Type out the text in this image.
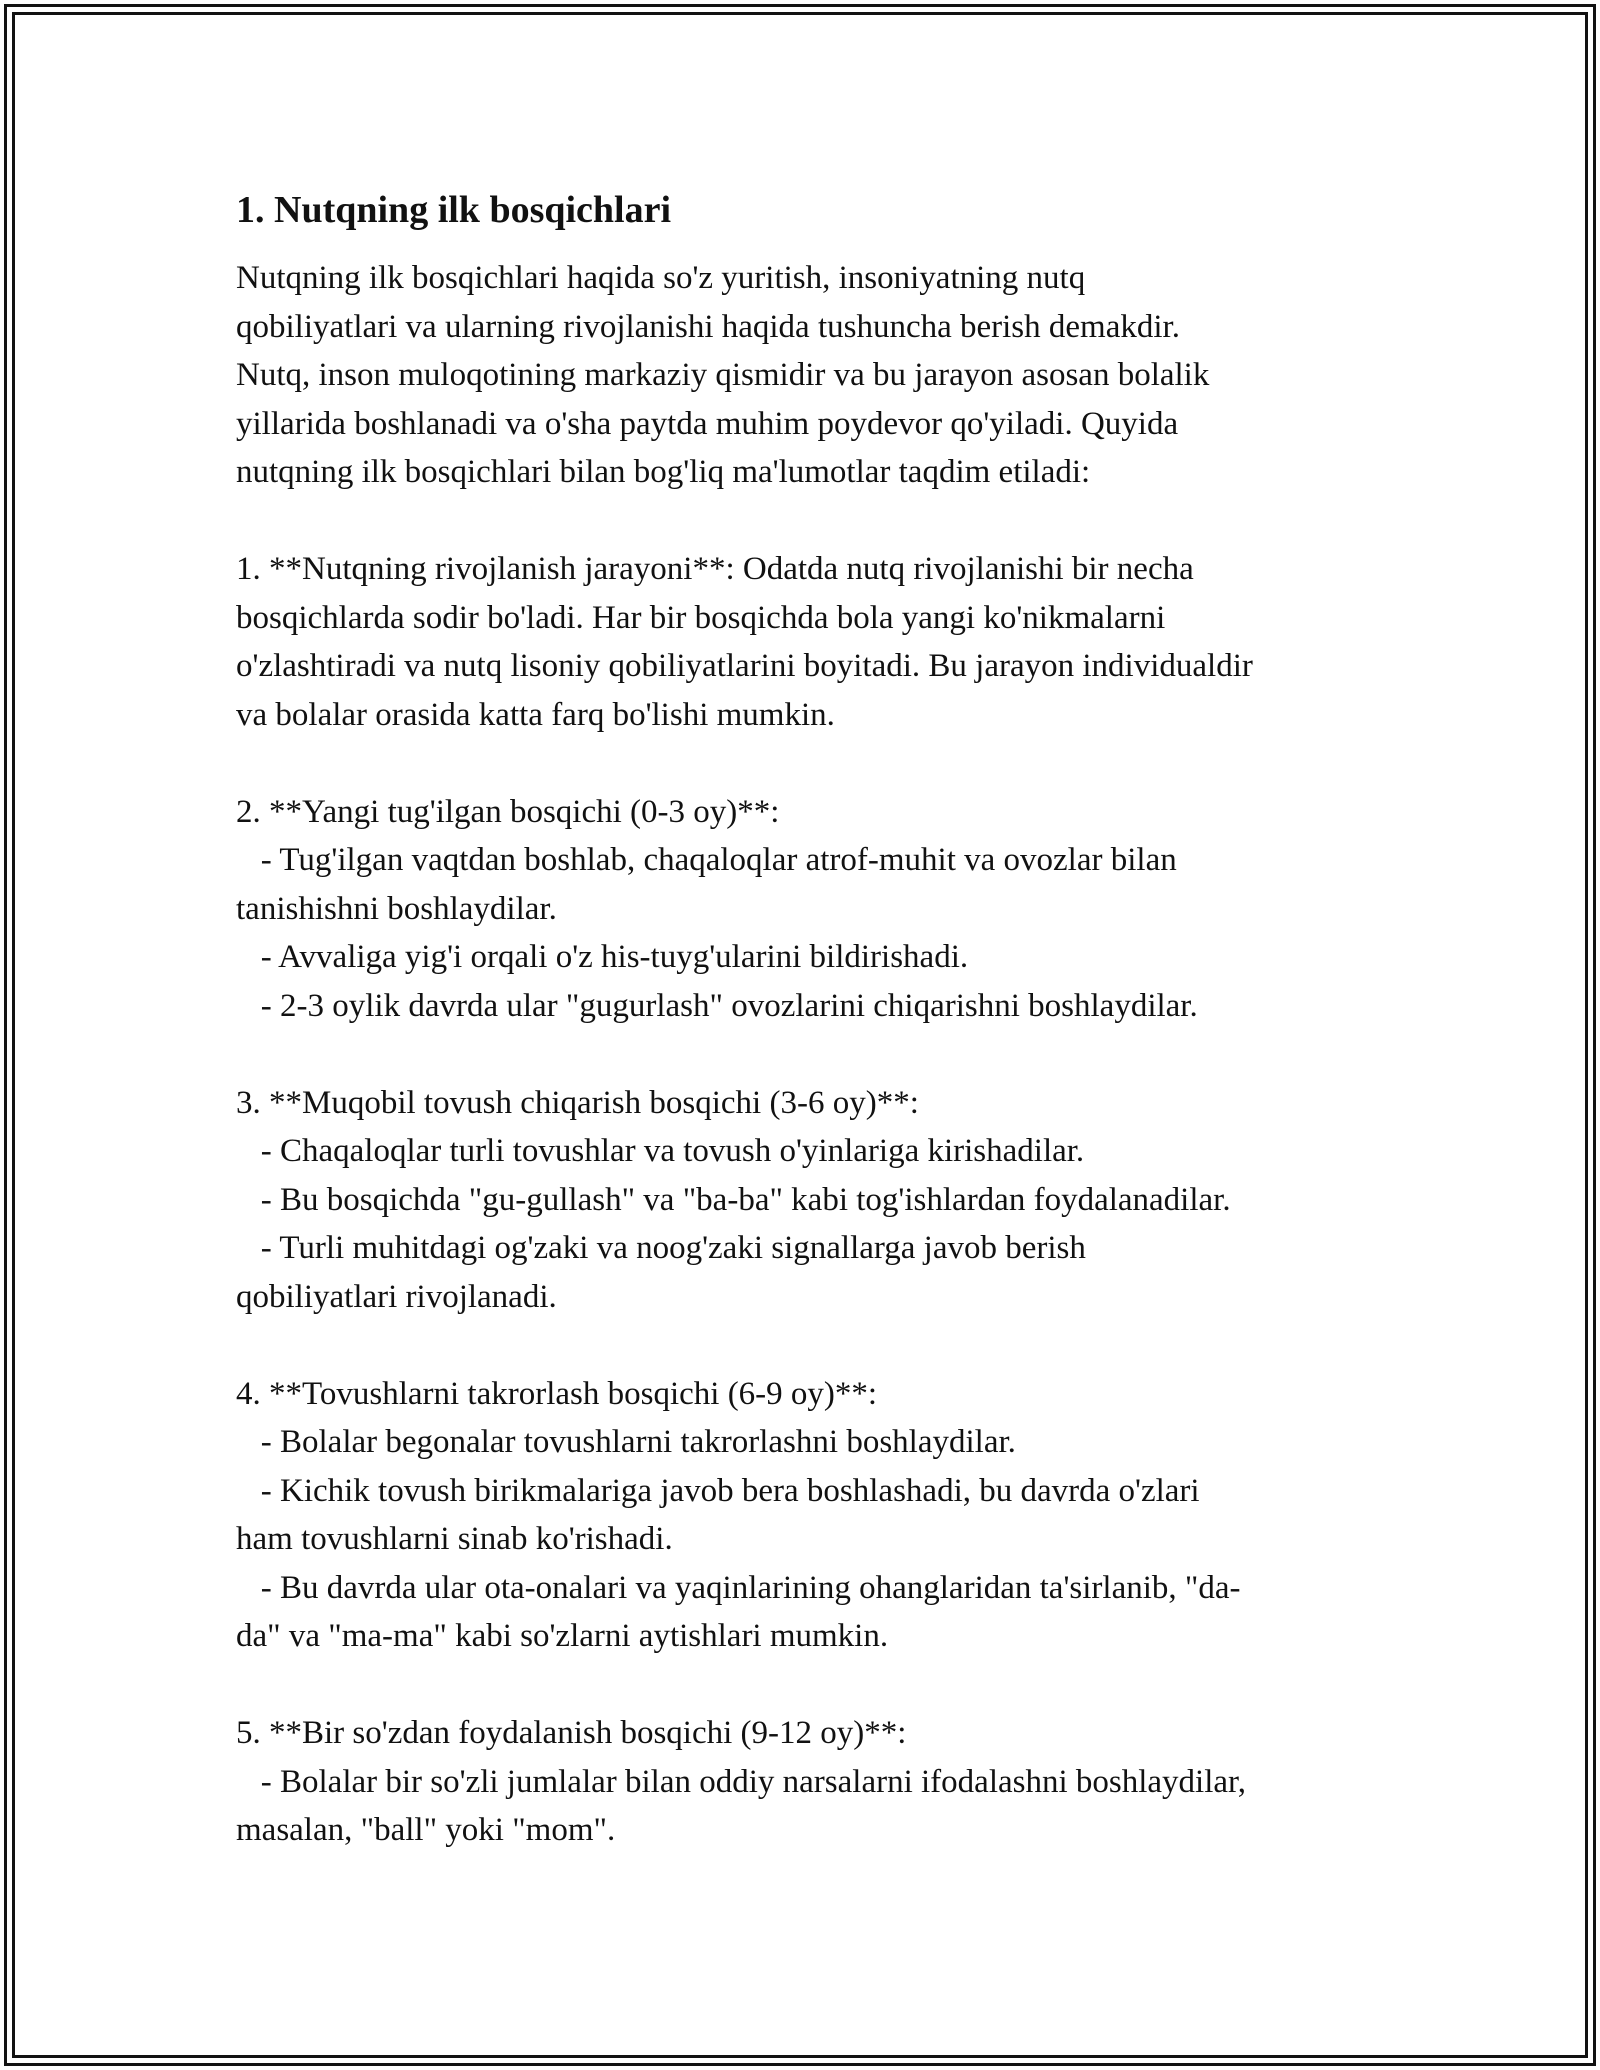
1. Nutqning ilk bosqichlari

Nutqning ilk bosqichlari haqida so'z yuritish, insoniyatning nutq
qobiliyatlari va ularning rivojlanishi haqida tushuncha berish demakdir.
Nutq, inson muloqotining markaziy qismidir va bu jarayon asosan bolalik
yillarida boshlanadi va o'sha paytda muhim poydevor qo'yiladi. Quyida
nutqning ilk bosqichlari bilan bog'liq ma'lumotlar taqdim etiladi:

1. **Nutqning rivojlanish jarayoni**: Odatda nutq rivojlanishi bir necha
bosqichlarda sodir bo'ladi. Har bir bosqichda bola yangi ko'nikmalarni
o'zlashtiradi va nutq lisoniy qobiliyatlarini boyitadi. Bu jarayon individualdir
va bolalar orasida katta farq bo'lishi mumkin.

2. **Yangi tug'ilgan bosqichi (0-3 oy)**:
- Tug'ilgan vaqtdan boshlab, chaqaloqlar atrof-muhit va ovozlar bilan
tanishishni boshlaydilar.
- Avvaliga yig'i orqali o'z his-tuyg'ularini bildirishadi.
- 2-3 oylik davrda ular "gugurlash" ovozlarini chiqarishni boshlaydilar.

3. **Muqobil tovush chiqarish bosqichi (3-6 oy)**:
- Chaqaloqlar turli tovushlar va tovush o'yinlariga kirishadilar.
- Bu bosqichda "gu-gullash" va "ba-ba" kabi tog'ishlardan foydalanadilar.
- Turli muhitdagi og'zaki va noog'zaki signallarga javob berish
qobiliyatlari rivojlanadi.

4. **Tovushlarni takrorlash bosqichi (6-9 oy)**:
- Bolalar begonalar tovushlarni takrorlashni boshlaydilar.
- Kichik tovush birikmalariga javob bera boshlashadi, bu davrda o'zlari
ham tovushlarni sinab ko'rishadi.
- Bu davrda ular ota-onalari va yaqinlarining ohanglaridan ta'sirlanib, "da-
da" va "ma-ma" kabi so'zlarni aytishlari mumkin.

5. **Bir so'zdan foydalanish bosqichi (9-12 oy)**:
- Bolalar bir so'zli jumlalar bilan oddiy narsalarni ifodalashni boshlaydilar,
masalan, "ball" yoki "mom".
